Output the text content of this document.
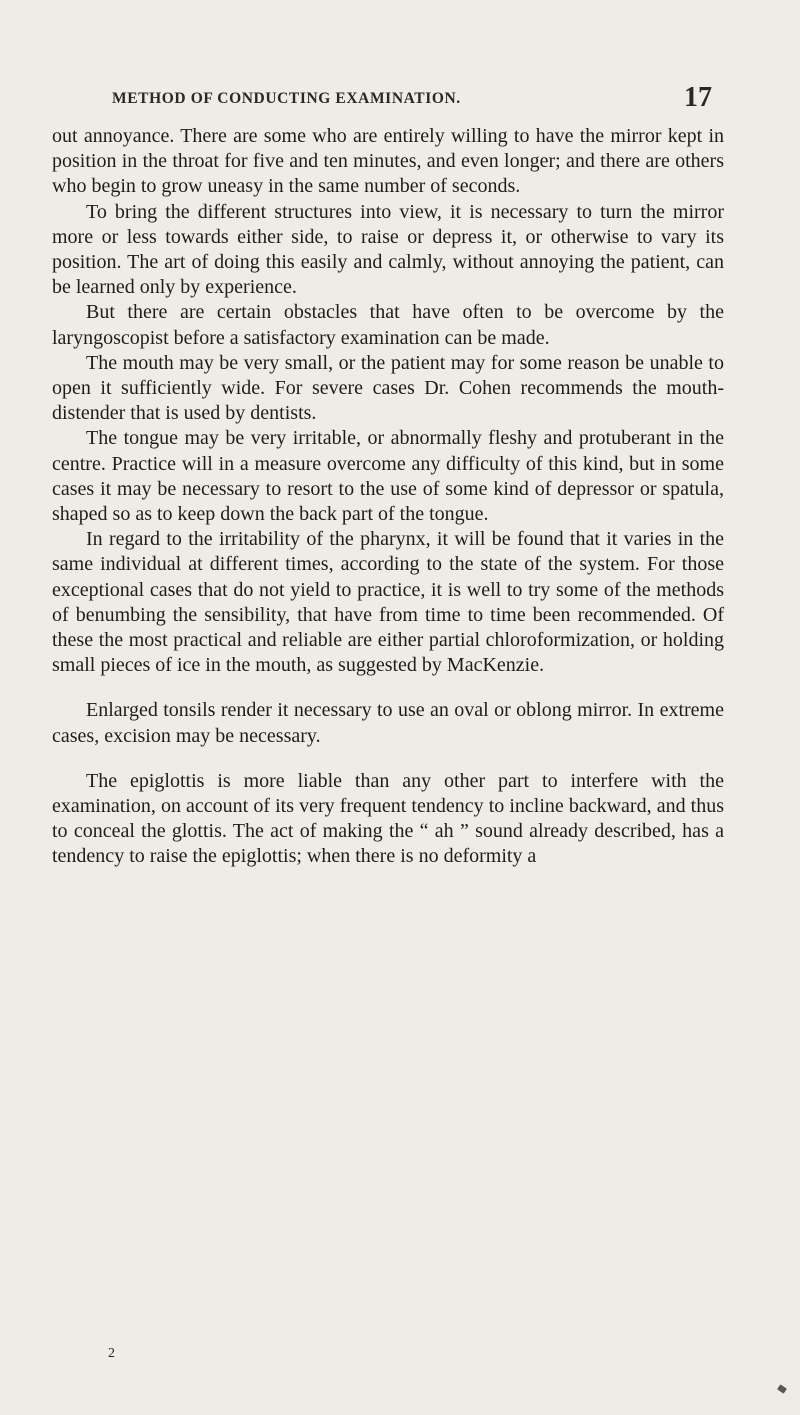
METHOD OF CONDUCTING EXAMINATION.	17

out annoyance. There are some who are entirely willing to have the mirror kept in position in the throat for five and ten minutes, and even longer; and there are others who begin to grow uneasy in the same number of seconds.

To bring the different structures into view, it is necessary to turn the mirror more or less towards either side, to raise or depress it, or otherwise to vary its position. The art of doing this easily and calmly, without annoying the patient, can be learned only by experience.

But there are certain obstacles that have often to be overcome by the laryngoscopist before a satisfactory examination can be made.

The mouth may be very small, or the patient may for some reason be unable to open it sufficiently wide. For severe cases Dr. Cohen recommends the mouth-distender that is used by dentists.

The tongue may be very irritable, or abnormally fleshy and protuberant in the centre. Practice will in a measure overcome any difficulty of this kind, but in some cases it may be necessary to resort to the use of some kind of depressor or spatula, shaped so as to keep down the back part of the tongue.

In regard to the irritability of the pharynx, it will be found that it varies in the same individual at different times, according to the state of the system. For those exceptional cases that do not yield to practice, it is well to try some of the methods of benumbing the sensibility, that have from time to time been recommended. Of these the most practical and reliable are either partial chloroformization, or holding small pieces of ice in the mouth, as suggested by MacKenzie.

Enlarged tonsils render it necessary to use an oval or oblong mirror. In extreme cases, excision may be necessary.

The epiglottis is more liable than any other part to interfere with the examination, on account of its very frequent tendency to incline backward, and thus to conceal the glottis. The act of making the “ ah ” sound already described, has a tendency to raise the epiglottis; when there is no deformity a

2
